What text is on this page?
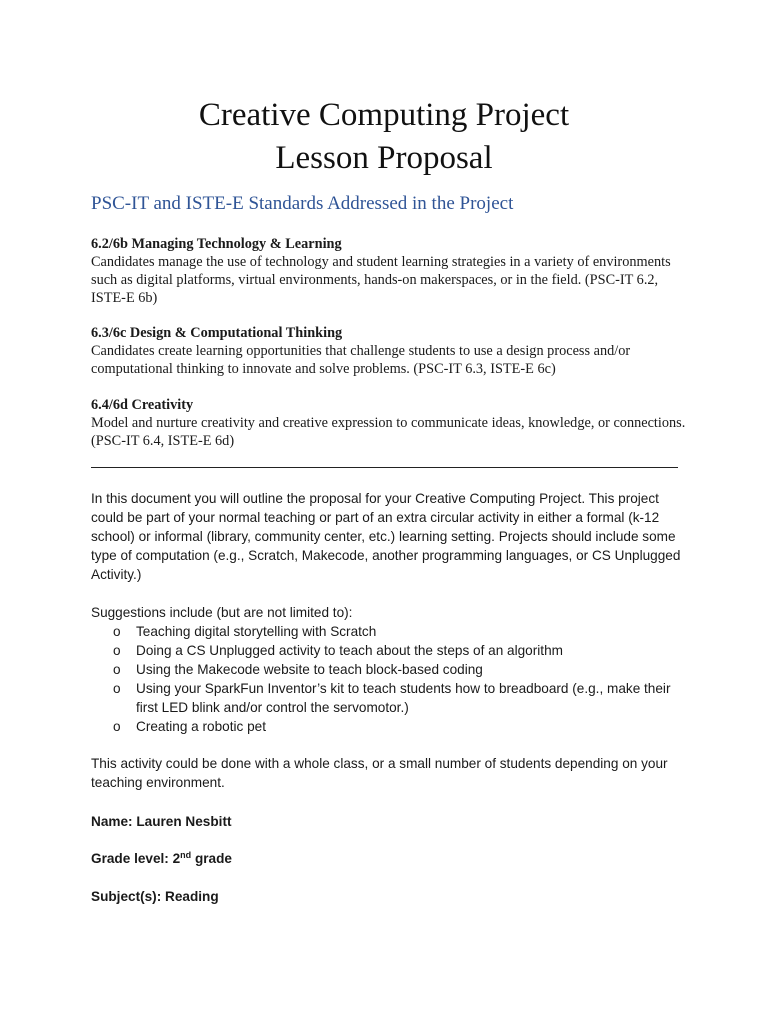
Creative Computing Project
Lesson Proposal
PSC-IT and ISTE-E Standards Addressed in the Project
6.2/6b Managing Technology & Learning
Candidates manage the use of technology and student learning strategies in a variety of environments such as digital platforms, virtual environments, hands-on makerspaces, or in the field. (PSC-IT 6.2, ISTE-E 6b)
6.3/6c Design & Computational Thinking
Candidates create learning opportunities that challenge students to use a design process and/or computational thinking to innovate and solve problems. (PSC-IT 6.3, ISTE-E 6c)
6.4/6d Creativity
Model and nurture creativity and creative expression to communicate ideas, knowledge, or connections. (PSC-IT 6.4, ISTE-E 6d)
In this document you will outline the proposal for your Creative Computing Project. This project could be part of your normal teaching or part of an extra circular activity in either a formal (k-12 school) or informal (library, community center, etc.) learning setting. Projects should include some type of computation (e.g., Scratch, Makecode, another programming languages, or CS Unplugged Activity.)
Suggestions include (but are not limited to):
o Teaching digital storytelling with Scratch
o Doing a CS Unplugged activity to teach about the steps of an algorithm
o Using the Makecode website to teach block-based coding
o Using your SparkFun Inventor’s kit to teach students how to breadboard (e.g., make their first LED blink and/or control the servomotor.)
o Creating a robotic pet
This activity could be done with a whole class, or a small number of students depending on your teaching environment.
Name: Lauren Nesbitt
Grade level: 2nd grade
Subject(s): Reading
